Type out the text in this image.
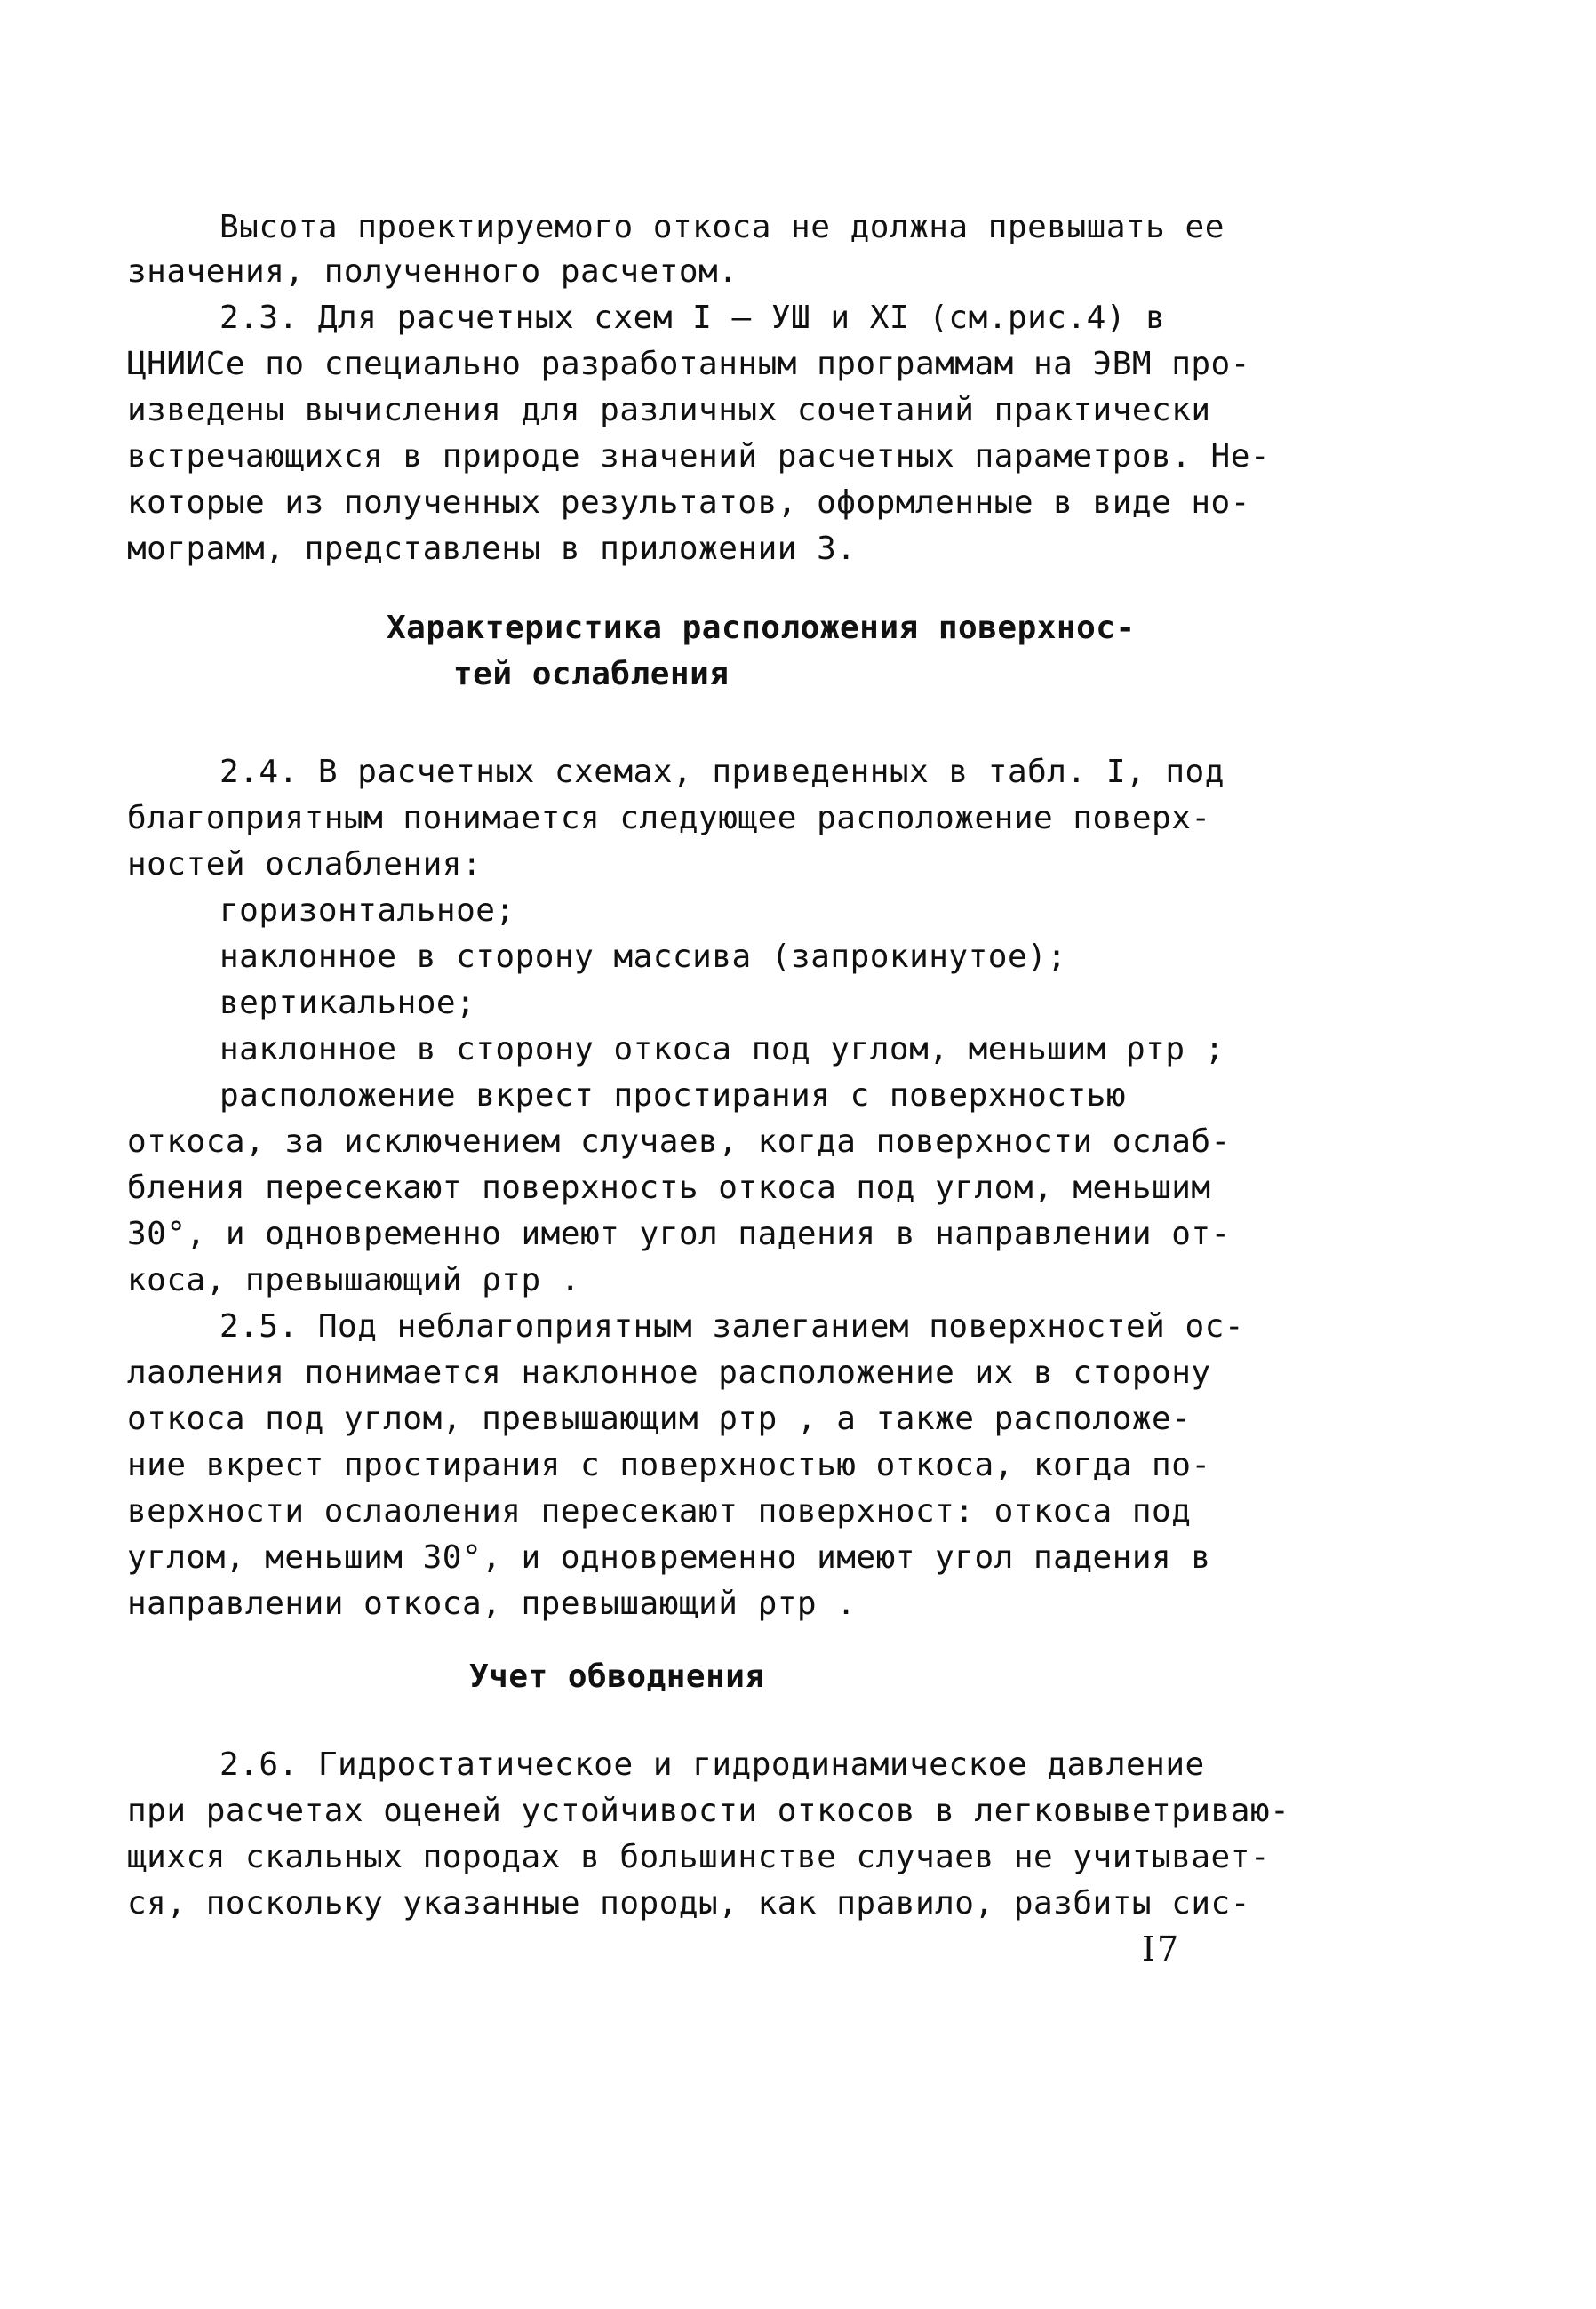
Высота проектируемого откоса не должна превышать ее
значения, полученного расчетом.
2.3. Для расчетных схем I – УШ и XI (см.рис.4) в
ЦНИИСе по специально разработанным программам на ЭВМ про-
изведены вычисления для различных сочетаний практически
встречающихся в природе значений расчетных параметров. Не-
которые из полученных результатов, оформленные в виде но-
мограмм, представлены в приложении 3.
Характеристика расположения поверхнос-
тей ослабления
2.4. В расчетных схемах, приведенных в табл. I, под
благоприятным понимается следующее расположение поверх-
ностей ослабления:
горизонтальное;
наклонное в сторону массива (запрокинутое);
вертикальное;
наклонное в сторону откоса под углом, меньшим ρтр ;
расположение вкрест простирания с поверхностью
откоса, за исключением случаев, когда поверхности ослаб-
бления пересекают поверхность откоса под углом, меньшим
30°, и одновременно имеют угол падения в направлении от-
коса, превышающий ρтр .
2.5. Под неблагоприятным залеганием поверхностей ос-
лаоления понимается наклонное расположение их в сторону
откоса под углом, превышающим ρтр , а также расположе-
ние вкрест простирания с поверхностью откоса, когда по-
верхности ослаоления пересекают поверхност: откоса под
углом, меньшим 30°, и одновременно имеют угол падения в
направлении откоса, превышающий ρтр .
Учет обводнения
2.6. Гидростатическое и гидродинамическое давление
при расчетах оценей устойчивости откосов в легковыветриваю-
щихся скальных породах в большинстве случаев не учитывает-
ся, поскольку указанные породы, как правило, разбиты сис-
I7
